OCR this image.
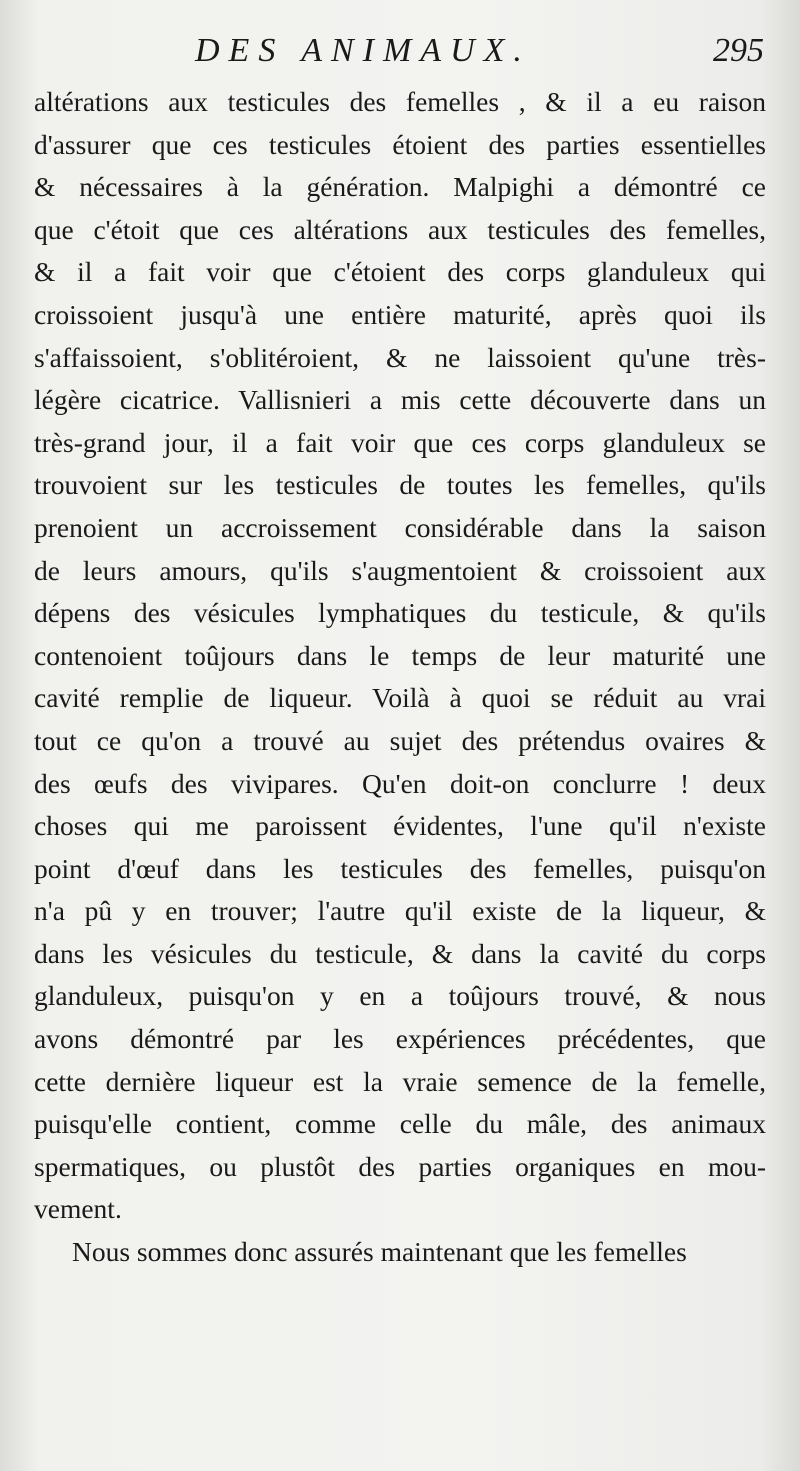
DES ANIMAUX.	295
altérations aux testicules des femelles , & il a eu raison
d'assurer que ces testicules étoient des parties essentielles
& nécessaires à la génération. Malpighi a démontré ce
que c'étoit que ces altérations aux testicules des femelles,
& il a fait voir que c'étoient des corps glanduleux qui
croissoient jusqu'à une entière maturité, après quoi ils
s'affaissoient, s'oblitéroient, & ne laissoient qu'une très-
légère cicatrice. Vallisnieri a mis cette découverte dans un
très-grand jour, il a fait voir que ces corps glanduleux se
trouvoient sur les testicules de toutes les femelles, qu'ils
prenoient un accroissement considérable dans la saison
de leurs amours, qu'ils s'augmentoient & croissoient aux
dépens des vésicules lymphatiques du testicule, & qu'ils
contenoient toûjours dans le temps de leur maturité une
cavité remplie de liqueur. Voilà à quoi se réduit au vrai
tout ce qu'on a trouvé au sujet des prétendus ovaires &
des œufs des vivipares. Qu'en doit-on conclurre ! deux
choses qui me paroissent évidentes, l'une qu'il n'existe
point d'œuf dans les testicules des femelles, puisqu'on
n'a pû y en trouver; l'autre qu'il existe de la liqueur, &
dans les vésicules du testicule, & dans la cavité du corps
glanduleux, puisqu'on y en a toûjours trouvé, & nous
avons démontré par les expériences précédentes, que
cette dernière liqueur est la vraie semence de la femelle,
puisqu'elle contient, comme celle du mâle, des animaux
spermatiques, ou plustôt des parties organiques en mou-
vement.
Nous sommes donc assurés maintenant que les femelles
